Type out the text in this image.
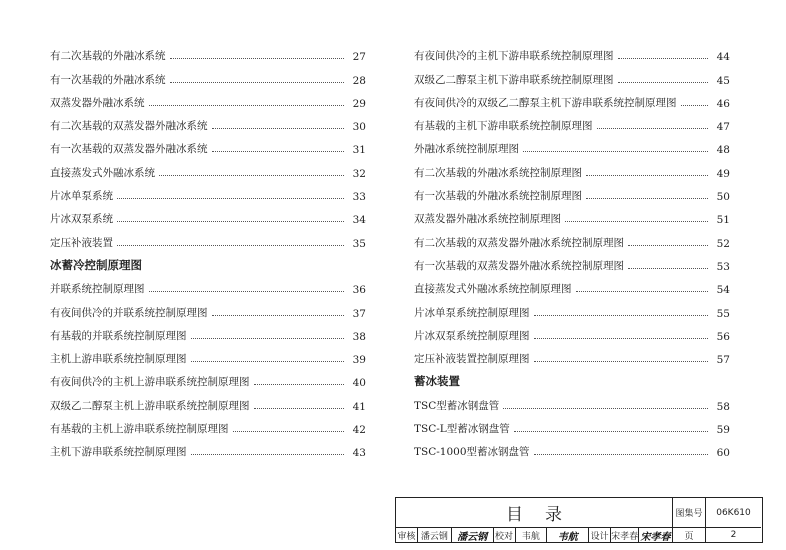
有二次基载的外融冰系统	27
有一次基载的外融冰系统	28
双蒸发器外融冰系统	29
有二次基载的双蒸发器外融冰系统	30
有一次基载的双蒸发器外融冰系统	31
直接蒸发式外融冰系统	32
片冰单泵系统	33
片冰双泵系统	34
定压补液装置	35
冰蓄冷控制原理图
并联系统控制原理图	36
有夜间供冷的并联系统控制原理图	37
有基载的并联系统控制原理图	38
主机上游串联系统控制原理图	39
有夜间供冷的主机上游串联系统控制原理图	40
双级乙二醇泵主机上游串联系统控制原理图	41
有基载的主机上游串联系统控制原理图	42
主机下游串联系统控制原理图	43
有夜间供冷的主机下游串联系统控制原理图	44
双级乙二醇泵主机下游串联系统控制原理图	45
有夜间供冷的双级乙二醇泵主机下游串联系统控制原理图	46
有基载的主机下游串联系统控制原理图	47
外融冰系统控制原理图	48
有二次基载的外融冰系统控制原理图	49
有一次基载的外融冰系统控制原理图	50
双蒸发器外融冰系统控制原理图	51
有二次基载的双蒸发器外融冰系统控制原理图	52
有一次基载的双蒸发器外融冰系统控制原理图	53
直接蒸发式外融冰系统控制原理图	54
片冰单泵系统控制原理图	55
片冰双泵系统控制原理图	56
定压补液装置控制原理图	57
蓄冰装置
TSC型蓄冰钢盘管	58
TSC-L型蓄冰钢盘管	59
TSC-1000型蓄冰钢盘管	60
目录	图集号	06K610
审核 潘云钢 潘云钢 校对 韦航	韦航	设计 宋孝春 宋孝春	页	2
